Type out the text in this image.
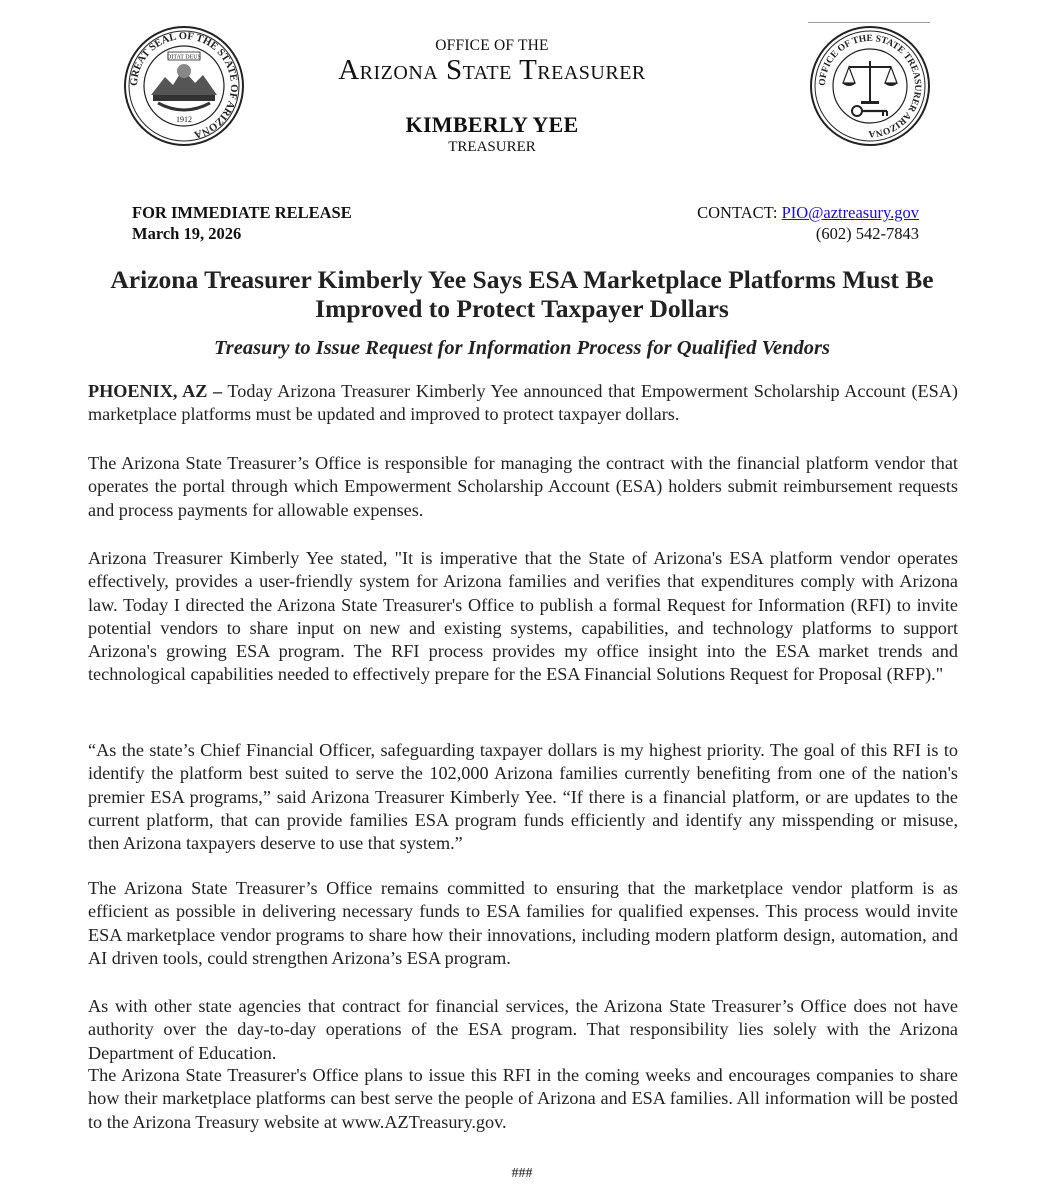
GREAT SEAL OF THE STATE OF ARIZONA
DITAT DEUS
1912
OFFICE OF THE STATE TREASURER ARIZONA
OFFICE OF THE
Arizona State Treasurer
KIMBERLY YEE
TREASURER
FOR IMMEDIATE RELEASE
March 19, 2026
CONTACT: PIO@aztreasury.gov
(602) 542-7843
Arizona Treasurer Kimberly Yee Says ESA Marketplace Platforms Must Be Improved to Protect Taxpayer Dollars
Treasury to Issue Request for Information Process for Qualified Vendors
PHOENIX, AZ – Today Arizona Treasurer Kimberly Yee announced that Empowerment Scholarship Account (ESA) marketplace platforms must be updated and improved to protect taxpayer dollars.
The Arizona State Treasurer’s Office is responsible for managing the contract with the financial platform vendor that operates the portal through which Empowerment Scholarship Account (ESA) holders submit reimbursement requests and process payments for allowable expenses.
Arizona Treasurer Kimberly Yee stated, "It is imperative that the State of Arizona's ESA platform vendor operates effectively, provides a user-friendly system for Arizona families and verifies that expenditures comply with Arizona law. Today I directed the Arizona State Treasurer's Office to publish a formal Request for Information (RFI) to invite potential vendors to share input on new and existing systems, capabilities, and technology platforms to support Arizona's growing ESA program. The RFI process provides my office insight into the ESA market trends and technological capabilities needed to effectively prepare for the ESA Financial Solutions Request for Proposal (RFP)."
“As the state’s Chief Financial Officer, safeguarding taxpayer dollars is my highest priority. The goal of this RFI is to identify the platform best suited to serve the 102,000 Arizona families currently benefiting from one of the nation's premier ESA programs,” said Arizona Treasurer Kimberly Yee. “If there is a financial platform, or are updates to the current platform, that can provide families ESA program funds efficiently and identify any misspending or misuse, then Arizona taxpayers deserve to use that system.”
The Arizona State Treasurer’s Office remains committed to ensuring that the marketplace vendor platform is as efficient as possible in delivering necessary funds to ESA families for qualified expenses. This process would invite ESA marketplace vendor programs to share how their innovations, including modern platform design, automation, and AI driven tools, could strengthen Arizona’s ESA program.
As with other state agencies that contract for financial services, the Arizona State Treasurer’s Office does not have authority over the day-to-day operations of the ESA program. That responsibility lies solely with the Arizona Department of Education.
The Arizona State Treasurer's Office plans to issue this RFI in the coming weeks and encourages companies to share how their marketplace platforms can best serve the people of Arizona and ESA families. All information will be posted to the Arizona Treasury website at www.AZTreasury.gov.
###
